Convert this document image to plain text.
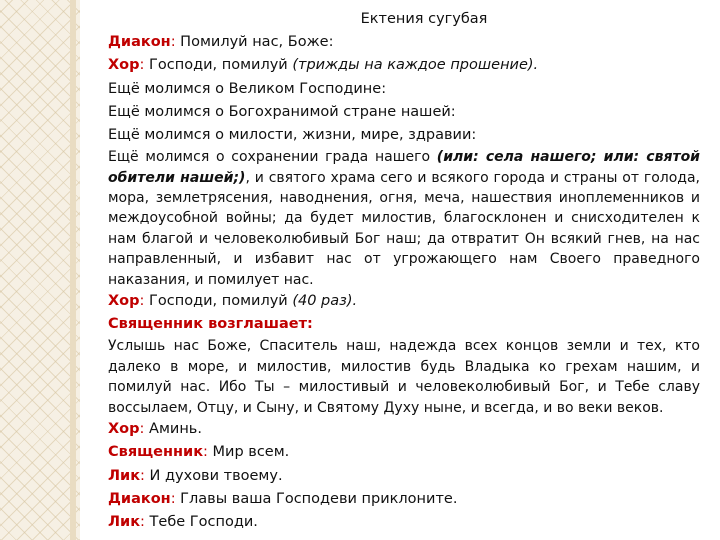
Ектения сугубая
Диакон: Помилуй нас, Боже:
Хор: Господи, помилуй (трижды на каждое прошение).
Ещё молимся о Великом Господине:
Ещё молимся о Богохранимой стране нашей:
Ещё молимся о милости, жизни, мире, здравии:
Ещё молимся о сохранении града нашего (или: села нашего; или: святой обители нашей;), и святого храма сего и всякого города и страны от голода, мора, землетрясения, наводнения, огня, меча, нашествия иноплеменников и междоусобной войны; да будет милостив, благосклонен и снисходителен к нам благой и человеколюбивый Бог наш; да отвратит Он всякий гнев, на нас направленный, и избавит нас от угрожающего нам Своего праведного наказания, и помилует нас.
Хор: Господи, помилуй (40 раз).
Священник возглашает:
Услышь нас Боже, Спаситель наш, надежда всех концов земли и тех, кто далеко в море, и милостив, милостив будь Владыка ко грехам нашим, и помилуй нас. Ибо Ты – милостивый и человеколюбивый Бог, и Тебе славу воссылаем, Отцу, и Сыну, и Святому Духу ныне, и всегда, и во веки веков.
Хор: Аминь.
Священник: Мир всем.
Лик: И духови твоему.
Диакон: Главы ваша Господеви приклоните.
Лик: Тебе Господи.
